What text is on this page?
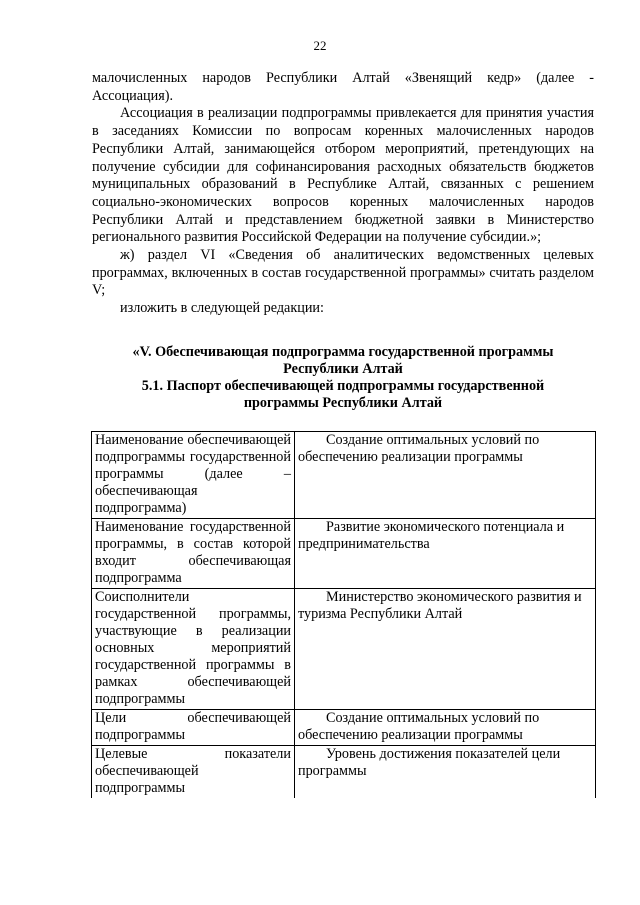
22

малочисленных народов Республики Алтай «Звенящий кедр» (далее - Ассоциация).

Ассоциация в реализации подпрограммы привлекается для принятия участия в заседаниях Комиссии по вопросам коренных малочисленных народов Республики Алтай, занимающейся отбором мероприятий, претендующих на получение субсидии для софинансирования расходных обязательств бюджетов муниципальных образований в Республике Алтай, связанных с решением социально-экономических вопросов коренных малочисленных народов Республики Алтай и представлением бюджетной заявки в Министерство регионального развития Российской Федерации на получение субсидии.»;

ж) раздел VI «Сведения об аналитических ведомственных целевых программах, включенных в состав государственной программы» считать разделом V;

изложить в следующей редакции:

«V. Обеспечивающая подпрограмма государственной программы
Республики Алтай
5.1. Паспорт обеспечивающей подпрограммы государственной
программы Республики Алтай
Наименование обеспечивающей подпрограммы государственной программы (далее – обеспечивающая подпрограмма)	Создание оптимальных условий по обеспечению реализации программы
Наименование государственной программы, в состав которой входит обеспечивающая подпрограмма	Развитие экономического потенциала и предпринимательства
Соисполнители государственной программы, участвующие в реализации основных мероприятий государственной программы в рамках обеспечивающей подпрограммы	Министерство экономического развития и туризма Республики Алтай
Цели обеспечивающей подпрограммы	Создание оптимальных условий по обеспечению реализации программы
Целевые показатели обеспечивающей подпрограммы	Уровень достижения показателей цели программы
